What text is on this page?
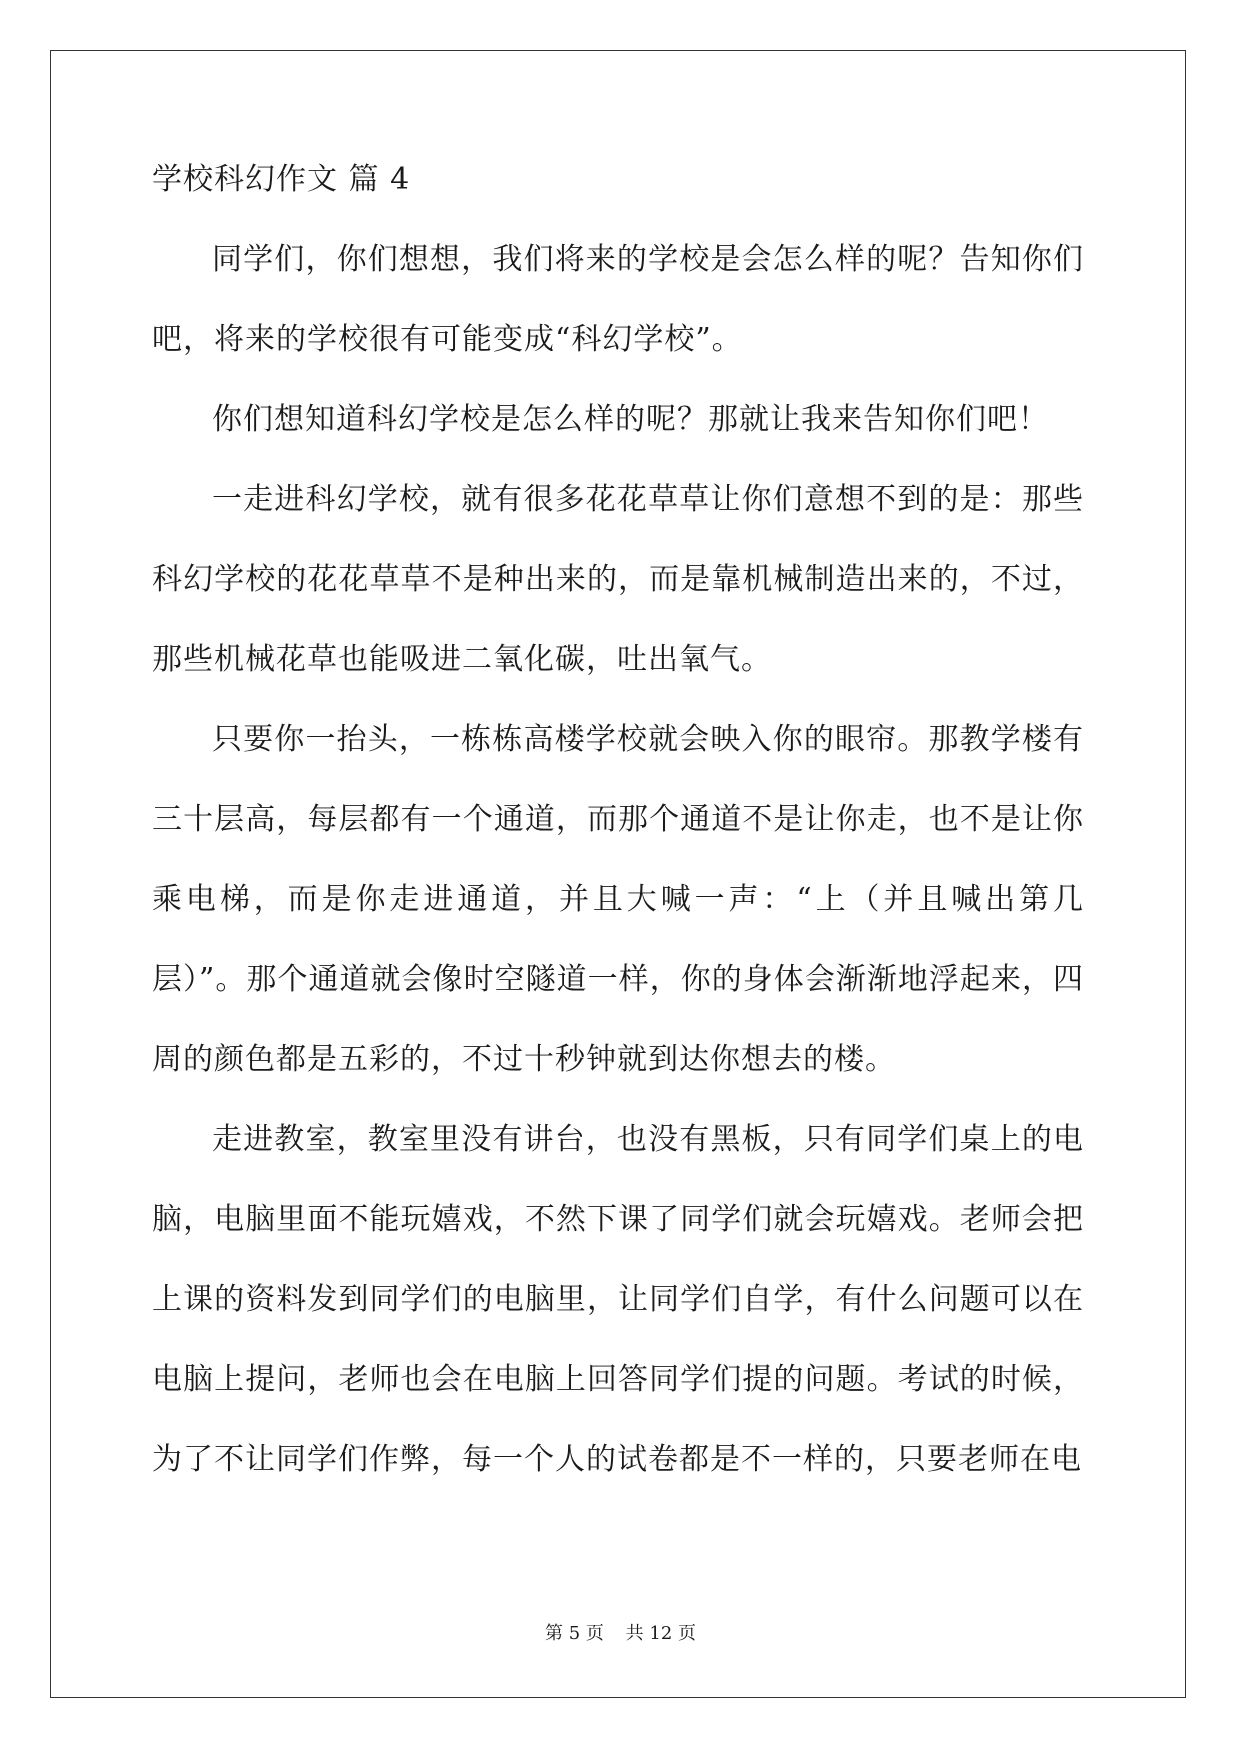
学校科幻作文 篇 4

同学们，你们想想，我们将来的学校是会怎么样的呢？告知你们吧，将来的学校很有可能变成“科幻学校”。

你们想知道科幻学校是怎么样的呢？那就让我来告知你们吧！

一走进科幻学校，就有很多花花草草让你们意想不到的是：那些科幻学校的花花草草不是种出来的，而是靠机械制造出来的，不过，那些机械花草也能吸进二氧化碳，吐出氧气。

只要你一抬头，一栋栋高楼学校就会映入你的眼帘。那教学楼有三十层高，每层都有一个通道，而那个通道不是让你走，也不是让你乘电梯，而是你走进通道，并且大喊一声：“上（并且喊出第几层）”。那个通道就会像时空隧道一样，你的身体会渐渐地浮起来，四周的颜色都是五彩的，不过十秒钟就到达你想去的楼。

走进教室，教室里没有讲台，也没有黑板，只有同学们桌上的电脑，电脑里面不能玩嬉戏，不然下课了同学们就会玩嬉戏。老师会把上课的资料发到同学们的电脑里，让同学们自学，有什么问题可以在电脑上提问，老师也会在电脑上回答同学们提的问题。考试的时候，为了不让同学们作弊，每一个人的试卷都是不一样的，只要老师在电

第 5 页 共 12 页
